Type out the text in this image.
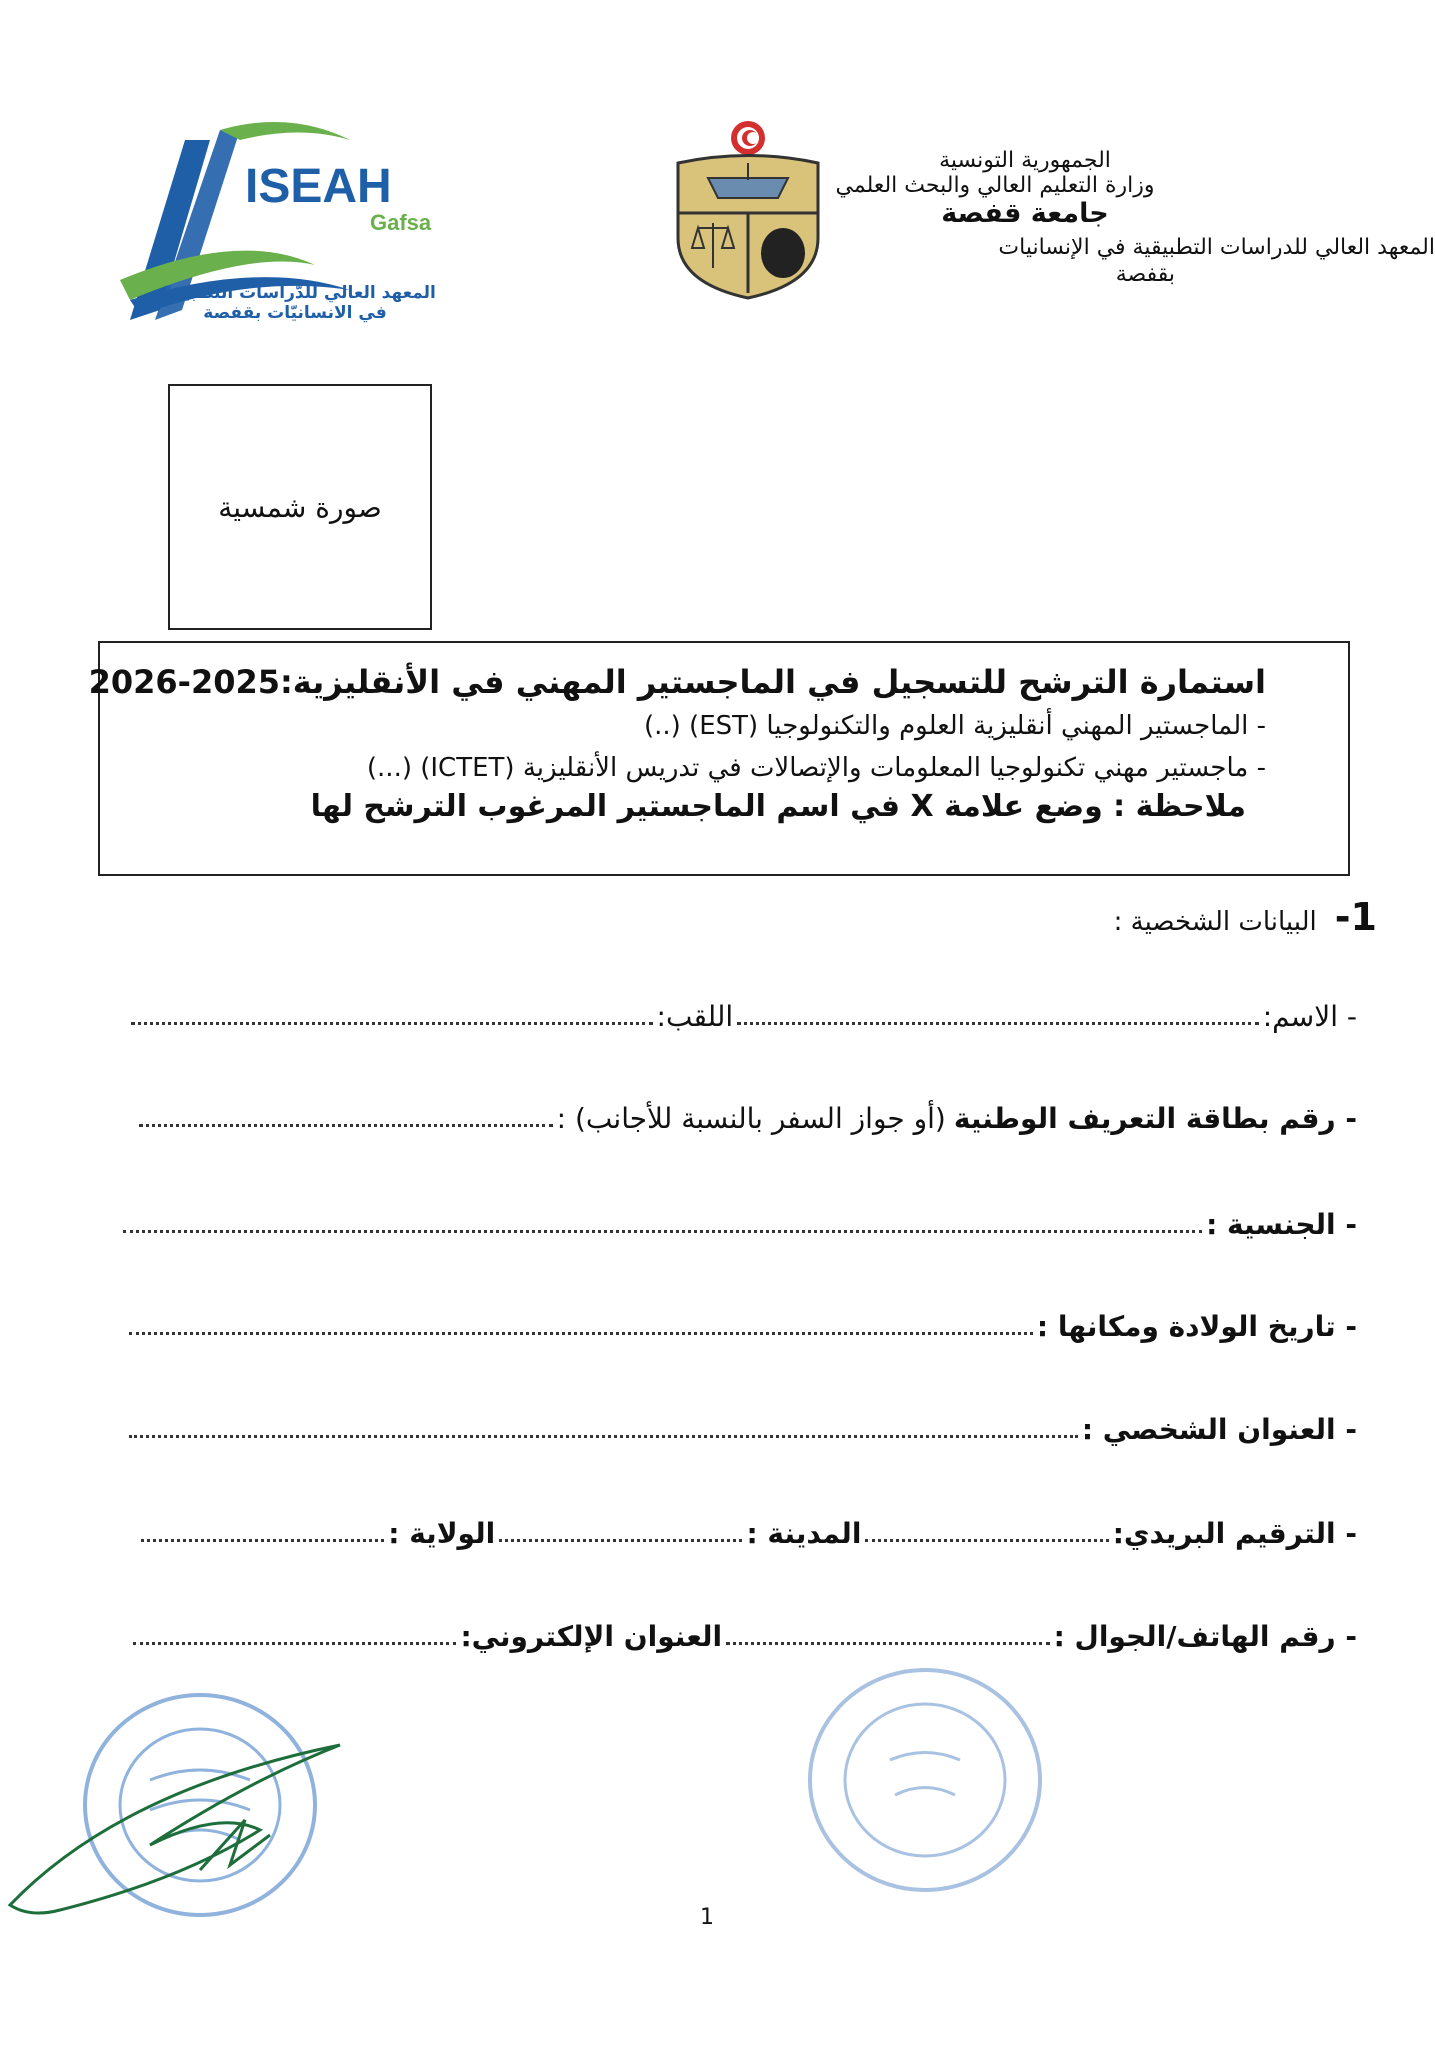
ISEAH
Gafsa
المعهد العالي للدّراسات التطبيقيّة
في الانسانيّات بقفصة
الجمهورية التونسية
وزارة التعليم العالي والبحث العلمي
جامعة قفصة
المعهد العالي للدراسات التطبيقية في الإنسانيات
بقفصة
صورة شمسية
استمارة الترشح للتسجيل في الماجستير المهني في الأنقليزية:2025-2026
- الماجستير المهني أنقليزية العلوم والتكنولوجيا (EST) (..)
- ماجستير مهني تكنولوجيا المعلومات والإتصالات في تدريس الأنقليزية (ICTET) (...)
ملاحظة : وضع علامة X في اسم الماجستير المرغوب الترشح لها
1-
البيانات الشخصية :
- الاسم:
اللقب:
- رقم بطاقة التعريف الوطنية
(أو جواز السفر بالنسبة للأجانب) :
- الجنسية :
- تاريخ الولادة ومكانها :
- العنوان الشخصي :
- الترقيم البريدي:
المدينة :
الولاية :
- رقم الهاتف/الجوال :
العنوان الإلكتروني:
1
